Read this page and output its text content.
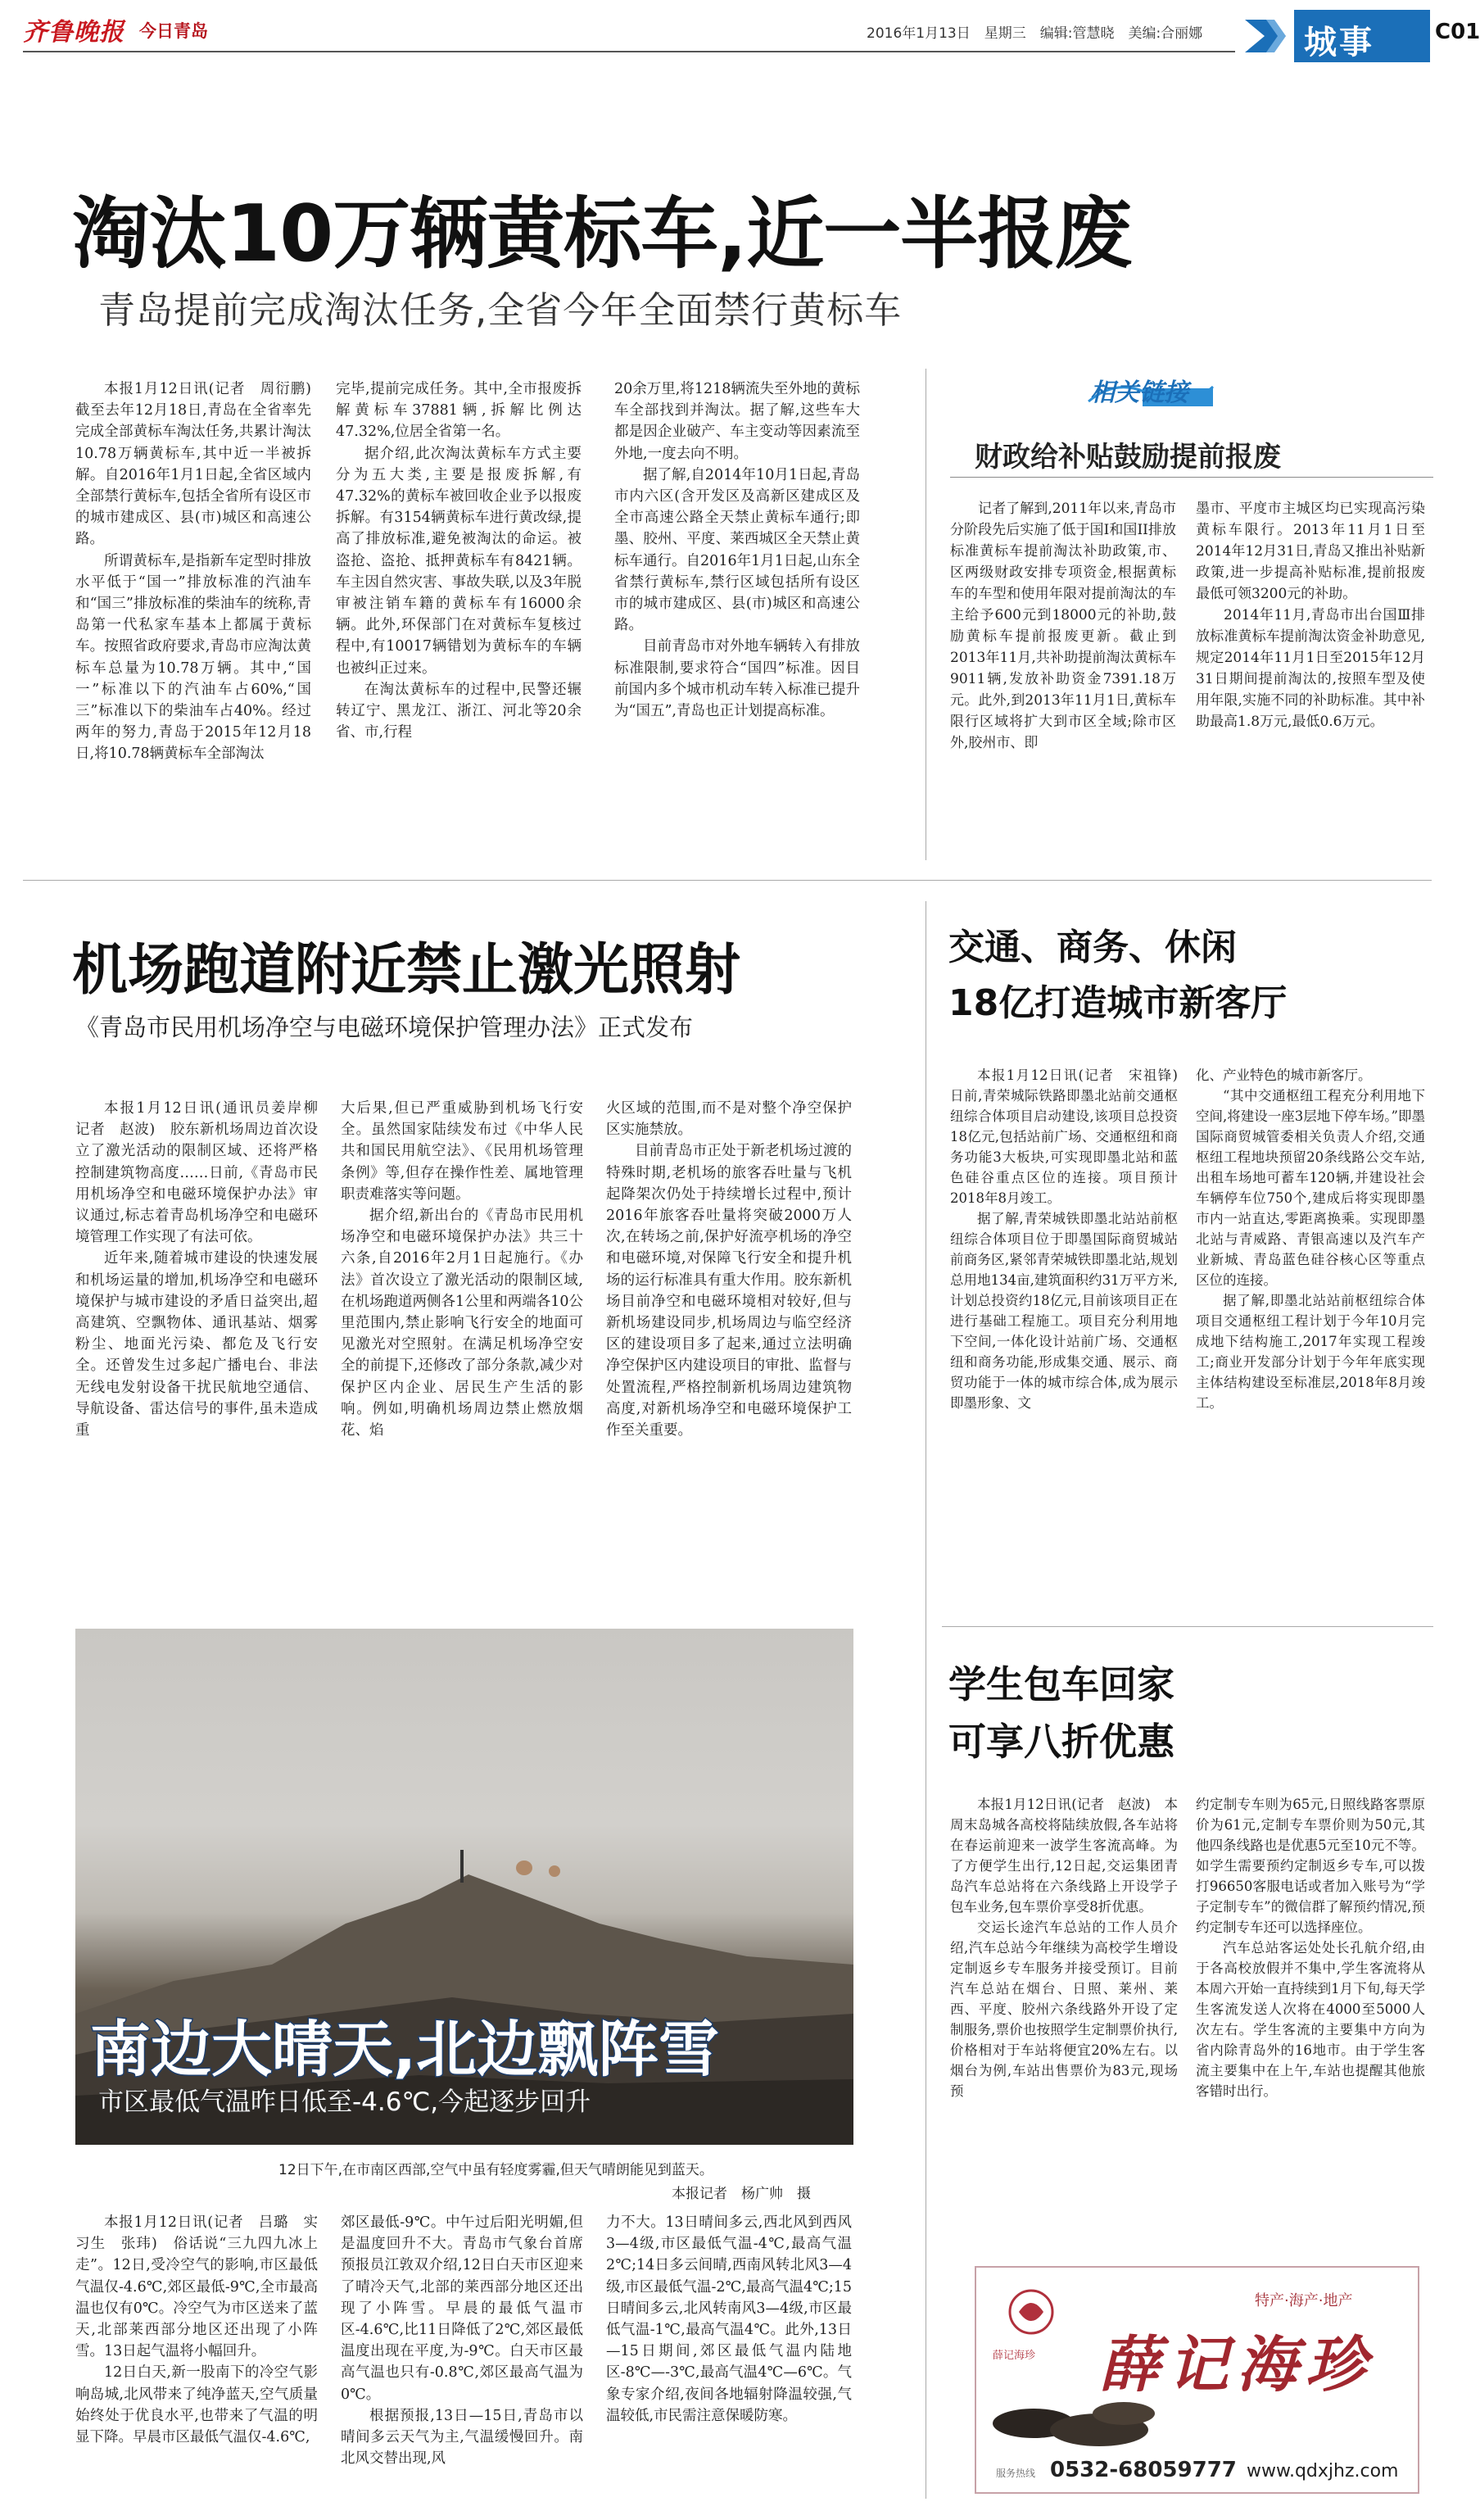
齐鲁晚报 今日青岛	2016年1月13日　星期三　编辑:管慧晓　美编:合丽娜	城事	C01
淘汰10万辆黄标车,近一半报废
青岛提前完成淘汰任务,全省今年全面禁行黄标车

本报1月12日讯(记者　周衍鹏)　截至去年12月18日,青岛在全省率先完成全部黄标车淘汰任务,共累计淘汰10.78万辆黄标车,其中近一半被拆解。自2016年1月1日起,全省区域内全部禁行黄标车,包括全省所有设区市的城市建成区、县(市)城区和高速公路。

所谓黄标车,是指新车定型时排放水平低于“国一”排放标准的汽油车和“国三”排放标准的柴油车的统称,青岛第一代私家车基本上都属于黄标车。按照省政府要求,青岛市应淘汰黄标车总量为10.78万辆。其中,“国一”标准以下的汽油车占60%,“国三”标准以下的柴油车占40%。经过两年的努力,青岛于2015年12月18日,将10.78辆黄标车全部淘汰

完毕,提前完成任务。其中,全市报废拆解黄标车37881辆,拆解比例达47.32%,位居全省第一名。

据介绍,此次淘汰黄标车方式主要分为五大类,主要是报废拆解,有47.32%的黄标车被回收企业予以报废拆解。有3154辆黄标车进行黄改绿,提高了排放标准,避免被淘汰的命运。被盗抢、盗抢、抵押黄标车有8421辆。车主因自然灾害、事故失联,以及3年脱审被注销车籍的黄标车有16000余辆。此外,环保部门在对黄标车复核过程中,有10017辆错划为黄标车的车辆也被纠正过来。

在淘汰黄标车的过程中,民警还辗转辽宁、黑龙江、浙江、河北等20余省、市,行程

20余万里,将1218辆流失至外地的黄标车全部找到并淘汰。据了解,这些车大都是因企业破产、车主变动等因素流至外地,一度去向不明。

据了解,自2014年10月1日起,青岛市内六区(含开发区及高新区建成区及全市高速公路全天禁止黄标车通行;即墨、胶州、平度、莱西城区全天禁止黄标车通行。自2016年1月1日起,山东全省禁行黄标车,禁行区域包括所有设区市的城市建成区、县(市)城区和高速公路。

目前青岛市对外地车辆转入有排放标准限制,要求符合“国四”标准。因目前国内多个城市机动车转入标准已提升为“国五”,青岛也正计划提高标准。

相关链接
财政给补贴鼓励提前报废

记者了解到,2011年以来,青岛市分阶段先后实施了低于国I和国II排放标准黄标车提前淘汰补助政策,市、区两级财政安排专项资金,根据黄标车的车型和使用年限对提前淘汰的车主给予600元到18000元的补助,鼓励黄标车提前报废更新。截止到2013年11月,共补助提前淘汰黄标车9011辆,发放补助资金7391.18万元。此外,到2013年11月1日,黄标车限行区域将扩大到市区全域;除市区外,胶州市、即

墨市、平度市主城区均已实现高污染黄标车限行。2013年11月1日至2014年12月31日,青岛又推出补贴新政策,进一步提高补贴标准,提前报废最低可领3200元的补助。

2014年11月,青岛市出台国Ⅲ排放标准黄标车提前淘汰资金补助意见,规定2014年11月1日至2015年12月31日期间提前淘汰的,按照车型及使用年限,实施不同的补助标准。其中补助最高1.8万元,最低0.6万元。

机场跑道附近禁止激光照射
《青岛市民用机场净空与电磁环境保护管理办法》正式发布

本报1月12日讯(通讯员姜岸柳　记者　赵波)　胶东新机场周边首次设立了激光活动的限制区域、还将严格控制建筑物高度……日前,《青岛市民用机场净空和电磁环境保护办法》审议通过,标志着青岛机场净空和电磁环境管理工作实现了有法可依。

近年来,随着城市建设的快速发展和机场运量的增加,机场净空和电磁环境保护与城市建设的矛盾日益突出,超高建筑、空飘物体、通讯基站、烟雾粉尘、地面光污染、都危及飞行安全。还曾发生过多起广播电台、非法无线电发射设备干扰民航地空通信、导航设备、雷达信号的事件,虽未造成重

大后果,但已严重威胁到机场飞行安全。虽然国家陆续发布过《中华人民共和国民用航空法》、《民用机场管理条例》等,但存在操作性差、属地管理职责难落实等问题。

据介绍,新出台的《青岛市民用机场净空和电磁环境保护办法》共三十六条,自2016年2月1日起施行。《办法》首次设立了激光活动的限制区域,在机场跑道两侧各1公里和两端各10公里范围内,禁止影响飞行安全的地面可见激光对空照射。在满足机场净空安全的前提下,还修改了部分条款,减少对保护区内企业、居民生产生活的影响。例如,明确机场周边禁止燃放烟花、焰

火区域的范围,而不是对整个净空保护区实施禁放。

目前青岛市正处于新老机场过渡的特殊时期,老机场的旅客吞吐量与飞机起降架次仍处于持续增长过程中,预计2016年旅客吞吐量将突破2000万人次,在转场之前,保护好流亭机场的净空和电磁环境,对保障飞行安全和提升机场的运行标准具有重大作用。胶东新机场目前净空和电磁环境相对较好,但与新机场建设同步,机场周边与临空经济区的建设项目多了起来,通过立法明确净空保护区内建设项目的审批、监督与处置流程,严格控制新机场周边建筑物高度,对新机场净空和电磁环境保护工作至关重要。

交通、商务、休闲
18亿打造城市新客厅

本报1月12日讯(记者　宋祖锋)　日前,青荣城际铁路即墨北站前交通枢纽综合体项目启动建设,该项目总投资18亿元,包括站前广场、交通枢纽和商务功能3大板块,可实现即墨北站和蓝色硅谷重点区位的连接。项目预计2018年8月竣工。

据了解,青荣城铁即墨北站站前枢纽综合体项目位于即墨国际商贸城站前商务区,紧邻青荣城铁即墨北站,规划总用地134亩,建筑面积约31万平方米,计划总投资约18亿元,目前该项目正在进行基础工程施工。项目充分利用地下空间,一体化设计站前广场、交通枢纽和商务功能,形成集交通、展示、商贸功能于一体的城市综合体,成为展示即墨形象、文

化、产业特色的城市新客厅。

“其中交通枢纽工程充分利用地下空间,将建设一座3层地下停车场。”即墨国际商贸城管委相关负责人介绍,交通枢纽工程地块预留20条线路公交车站,出租车场地可蓄车120辆,并建设社会车辆停车位750个,建成后将实现即墨市内一站直达,零距离换乘。实现即墨北站与青威路、青银高速以及汽车产业新城、青岛蓝色硅谷核心区等重点区位的连接。

据了解,即墨北站站前枢纽综合体项目交通枢纽工程计划于今年10月完成地下结构施工,2017年实现工程竣工;商业开发部分计划于今年年底实现主体结构建设至标准层,2018年8月竣工。

学生包车回家
可享八折优惠

本报1月12日讯(记者　赵波)　本周末岛城各高校将陆续放假,各车站将在春运前迎来一波学生客流高峰。为了方便学生出行,12日起,交运集团青岛汽车总站将在六条线路上开设学子包车业务,包车票价享受8折优惠。

交运长途汽车总站的工作人员介绍,汽车总站今年继续为高校学生增设定制返乡专车服务并接受预订。目前汽车总站在烟台、日照、莱州、莱西、平度、胶州六条线路外开设了定制服务,票价也按照学生定制票价执行,价格相对于车站将便宜20%左右。以烟台为例,车站出售票价为83元,现场预

约定制专车则为65元,日照线路客票原价为61元,定制专车票价则为50元,其他四条线路也是优惠5元至10元不等。如学生需要预约定制返乡专车,可以拨打96650客服电话或者加入账号为“学子定制专车”的微信群了解预约情况,预约定制专车还可以选择座位。

汽车总站客运处处长孔航介绍,由于各高校放假并不集中,学生客流将从本周六开始一直持续到1月下旬,每天学生客流发送人次将在4000至5000人次左右。学生客流的主要集中方向为省内除青岛外的16地市。由于学生客流主要集中在上午,车站也提醒其他旅客错时出行。

南边大晴天,北边飘阵雪
市区最低气温昨日低至-4.6℃,今起逐步回升
12日下午,在市南区西部,空气中虽有轻度雾霾,但天气晴朗能见到蓝天。
本报记者　杨广帅　摄

本报1月12日讯(记者　吕璐　实习生　张玮)　俗话说“三九四九冰上走”。12日,受冷空气的影响,市区最低气温仅-4.6℃,郊区最低-9℃,全市最高温也仅有0℃。冷空气为市区送来了蓝天,北部莱西部分地区还出现了小阵雪。13日起气温将小幅回升。

12日白天,新一股南下的冷空气影响岛城,北风带来了纯净蓝天,空气质量始终处于优良水平,也带来了气温的明显下降。早晨市区最低气温仅-4.6℃,

郊区最低-9℃。中午过后阳光明媚,但是温度回升不大。青岛市气象台首席预报员江敦双介绍,12日白天市区迎来了晴冷天气,北部的莱西部分地区还出现了小阵雪。早晨的最低气温市区-4.6℃,比11日降低了2℃,郊区最低温度出现在平度,为-9℃。白天市区最高气温也只有-0.8℃,郊区最高气温为0℃。

根据预报,13日—15日,青岛市以晴间多云天气为主,气温缓慢回升。南北风交替出现,风

力不大。13日晴间多云,西北风到西风3—4级,市区最低气温-4℃,最高气温2℃;14日多云间晴,西南风转北风3—4级,市区最低气温-2℃,最高气温4℃;15日晴间多云,北风转南风3—4级,市区最低气温-1℃,最高气温4℃。此外,13日—15日期间,郊区最低气温内陆地区-8℃—-3℃,最高气温4℃—6℃。气象专家介绍,夜间各地辐射降温较强,气温较低,市民需注意保暖防寒。

薛记海珍
特产·海产·地产
薛记海珍
服务热线 0532-68059777 www.qdxjhz.com
